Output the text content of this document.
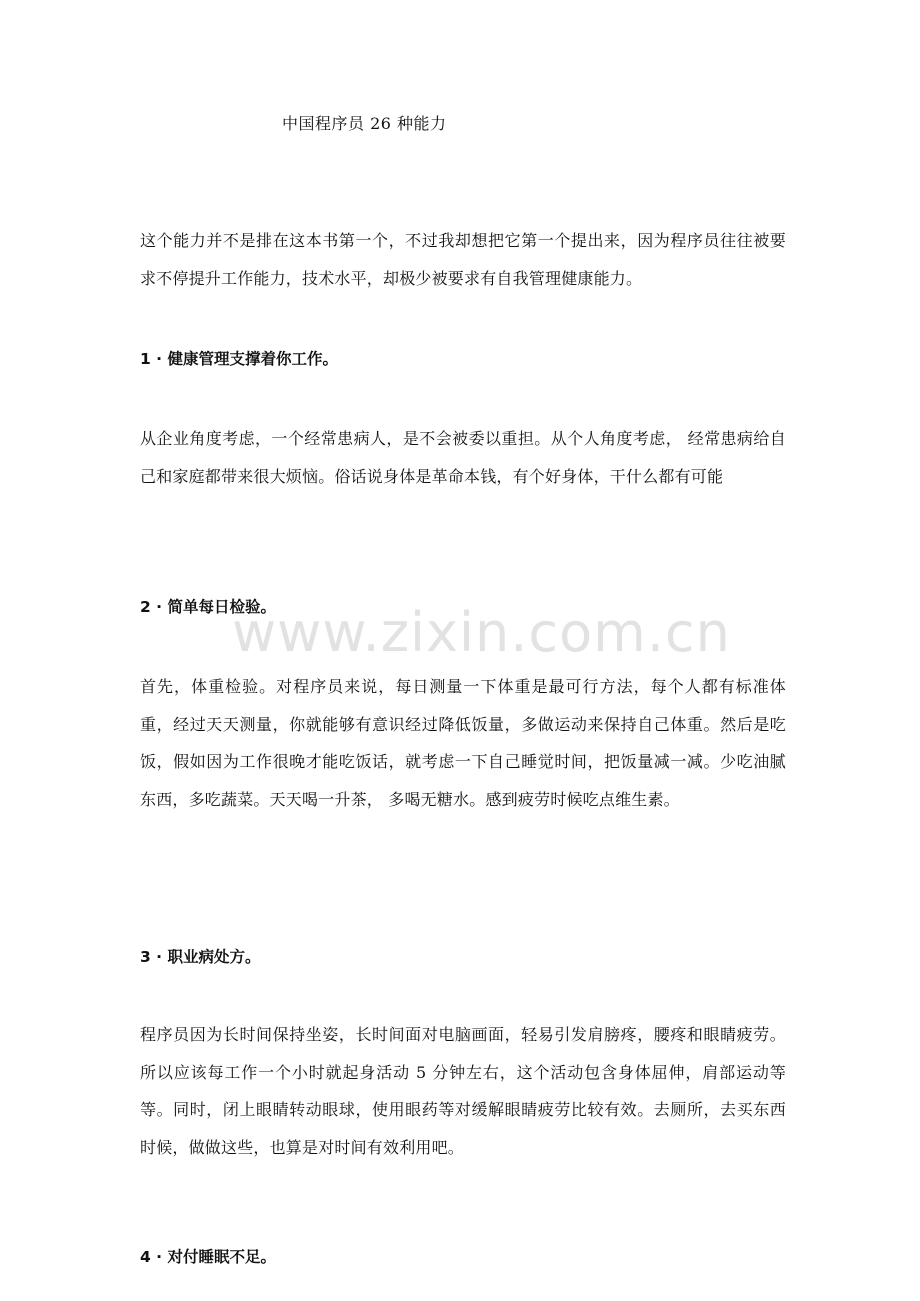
中国程序员 26 种能力

这个能力并不是排在这本书第一个，不过我却想把它第一个提出来，因为程序员往往被要求不停提升工作能力，技术水平，却极少被要求有自我管理健康能力。

1 · 健康管理支撑着你工作。

从企业角度考虑，一个经常患病人，是不会被委以重担。从个人角度考虑， 经常患病给自己和家庭都带来很大烦恼。俗话说身体是革命本钱，有个好身体，干什么都有可能

2 · 简单每日检验。

首先，体重检验。对程序员来说，每日测量一下体重是最可行方法，每个人都有标准体重，经过天天测量，你就能够有意识经过降低饭量，多做运动来保持自己体重。然后是吃饭，假如因为工作很晚才能吃饭话，就考虑一下自己睡觉时间，把饭量减一减。少吃油腻东西，多吃蔬菜。天天喝一升茶， 多喝无糖水。感到疲劳时候吃点维生素。

3 · 职业病处方。

程序员因为长时间保持坐姿，长时间面对电脑画面，轻易引发肩膀疼，腰疼和眼睛疲劳。所以应该每工作一个小时就起身活动 5 分钟左右，这个活动包含身体屈伸，肩部运动等等。同时，闭上眼睛转动眼球，使用眼药等对缓解眼睛疲劳比较有效。去厕所，去买东西时候，做做这些，也算是对时间有效利用吧。

4 · 对付睡眠不足。
www.zixin.com.cn
